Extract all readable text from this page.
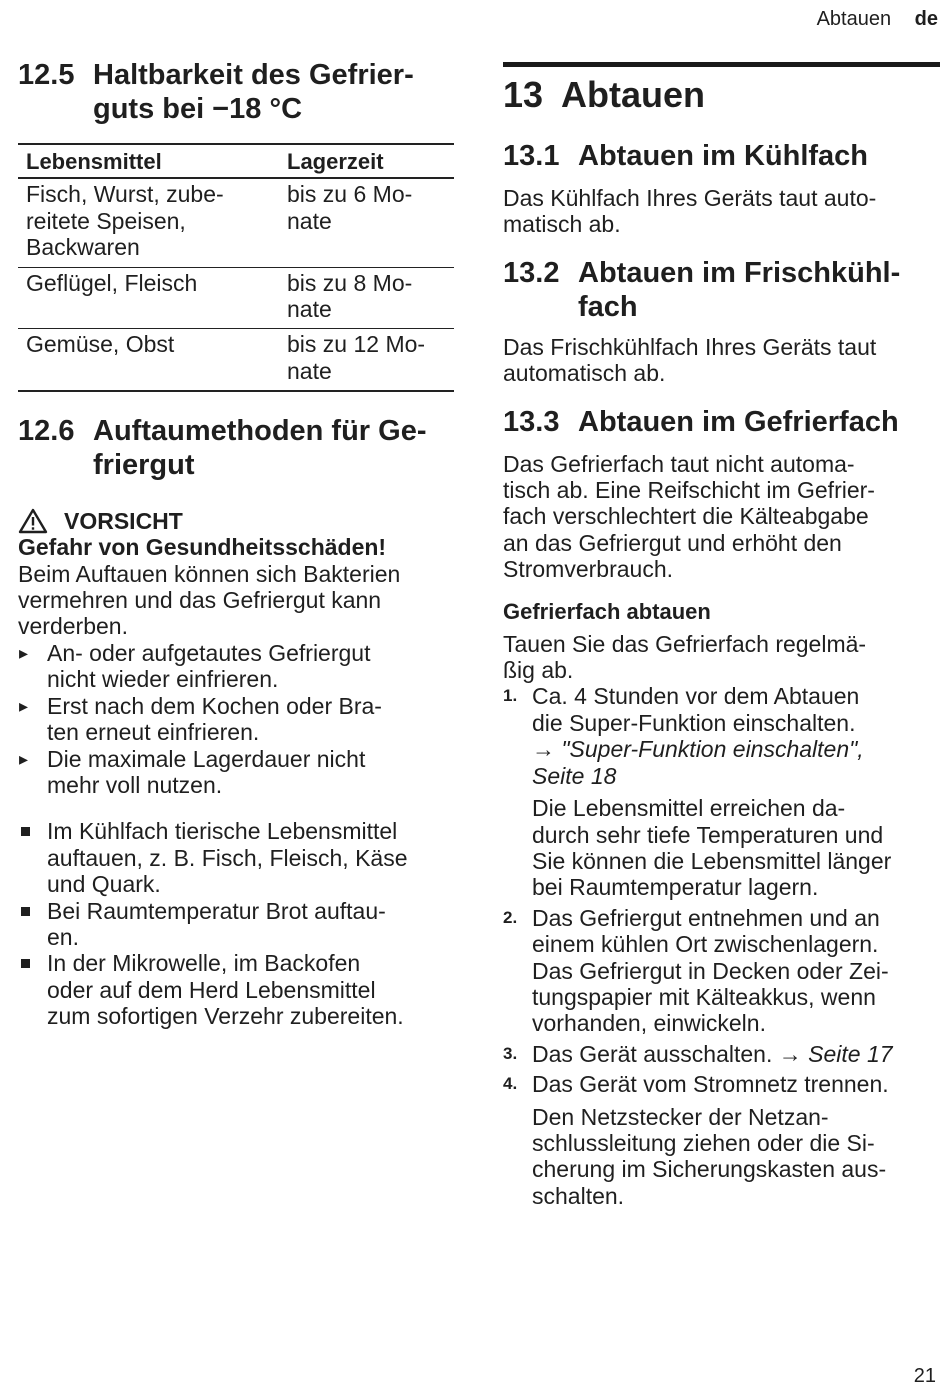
Abtauen de
12.5 Haltbarkeit des Gefrier-
guts bei −18 °C
Lebensmittel	Lagerzeit
Fisch, Wurst, zube-
reitete Speisen,
Backwaren	bis zu 6 Mo-
nate
Geflügel, Fleisch	bis zu 8 Mo-
nate
Gemüse, Obst	bis zu 12 Mo-
nate
12.6 Auftaumethoden für Ge-
friergut
VORSICHT

Gefahr von Gesundheitsschäden!

Beim Auftauen können sich Bakterien
vermehren und das Gefriergut kann
verderben.

▸ An- oder aufgetautes Gefriergut
nicht wieder einfrieren.
▸ Erst nach dem Kochen oder Bra-
ten erneut einfrieren.
▸ Die maximale Lagerdauer nicht
mehr voll nutzen.
Im Kühlfach tierische Lebensmittel
auftauen, z. B. Fisch, Fleisch, Käse
und Quark.
Bei Raumtemperatur Brot auftau-
en.
In der Mikrowelle, im Backofen
oder auf dem Herd Lebensmittel
zum sofortigen Verzehr zubereiten.
13 Abtauen
13.1 Abtauen im Kühlfach

Das Kühlfach Ihres Geräts taut auto-
matisch ab.

13.2 Abtauen im Frischkühl-
fach

Das Frischkühlfach Ihres Geräts taut
automatisch ab.

13.3 Abtauen im Gefrierfach

Das Gefrierfach taut nicht automa-
tisch ab. Eine Reifschicht im Gefrier-
fach verschlechtert die Kälteabgabe
an das Gefriergut und erhöht den
Stromverbrauch.

Gefrierfach abtauen

Tauen Sie das Gefrierfach regelmä-
ßig ab.

1. Ca. 4 Stunden vor dem Abtauen
die Super-Funktion einschalten.
→ "Super-Funktion einschalten",
Seite 18
Die Lebensmittel erreichen da-
durch sehr tiefe Temperaturen und
Sie können die Lebensmittel länger
bei Raumtemperatur lagern.
2. Das Gefriergut entnehmen und an
einem kühlen Ort zwischenlagern.
Das Gefriergut in Decken oder Zei-
tungspapier mit Kälteakkus, wenn
vorhanden, einwickeln.
3. Das Gerät ausschalten. → Seite 17
4. Das Gerät vom Stromnetz trennen.
Den Netzstecker der Netzan-
schlussleitung ziehen oder die Si-
cherung im Sicherungskasten aus-
schalten.
21
